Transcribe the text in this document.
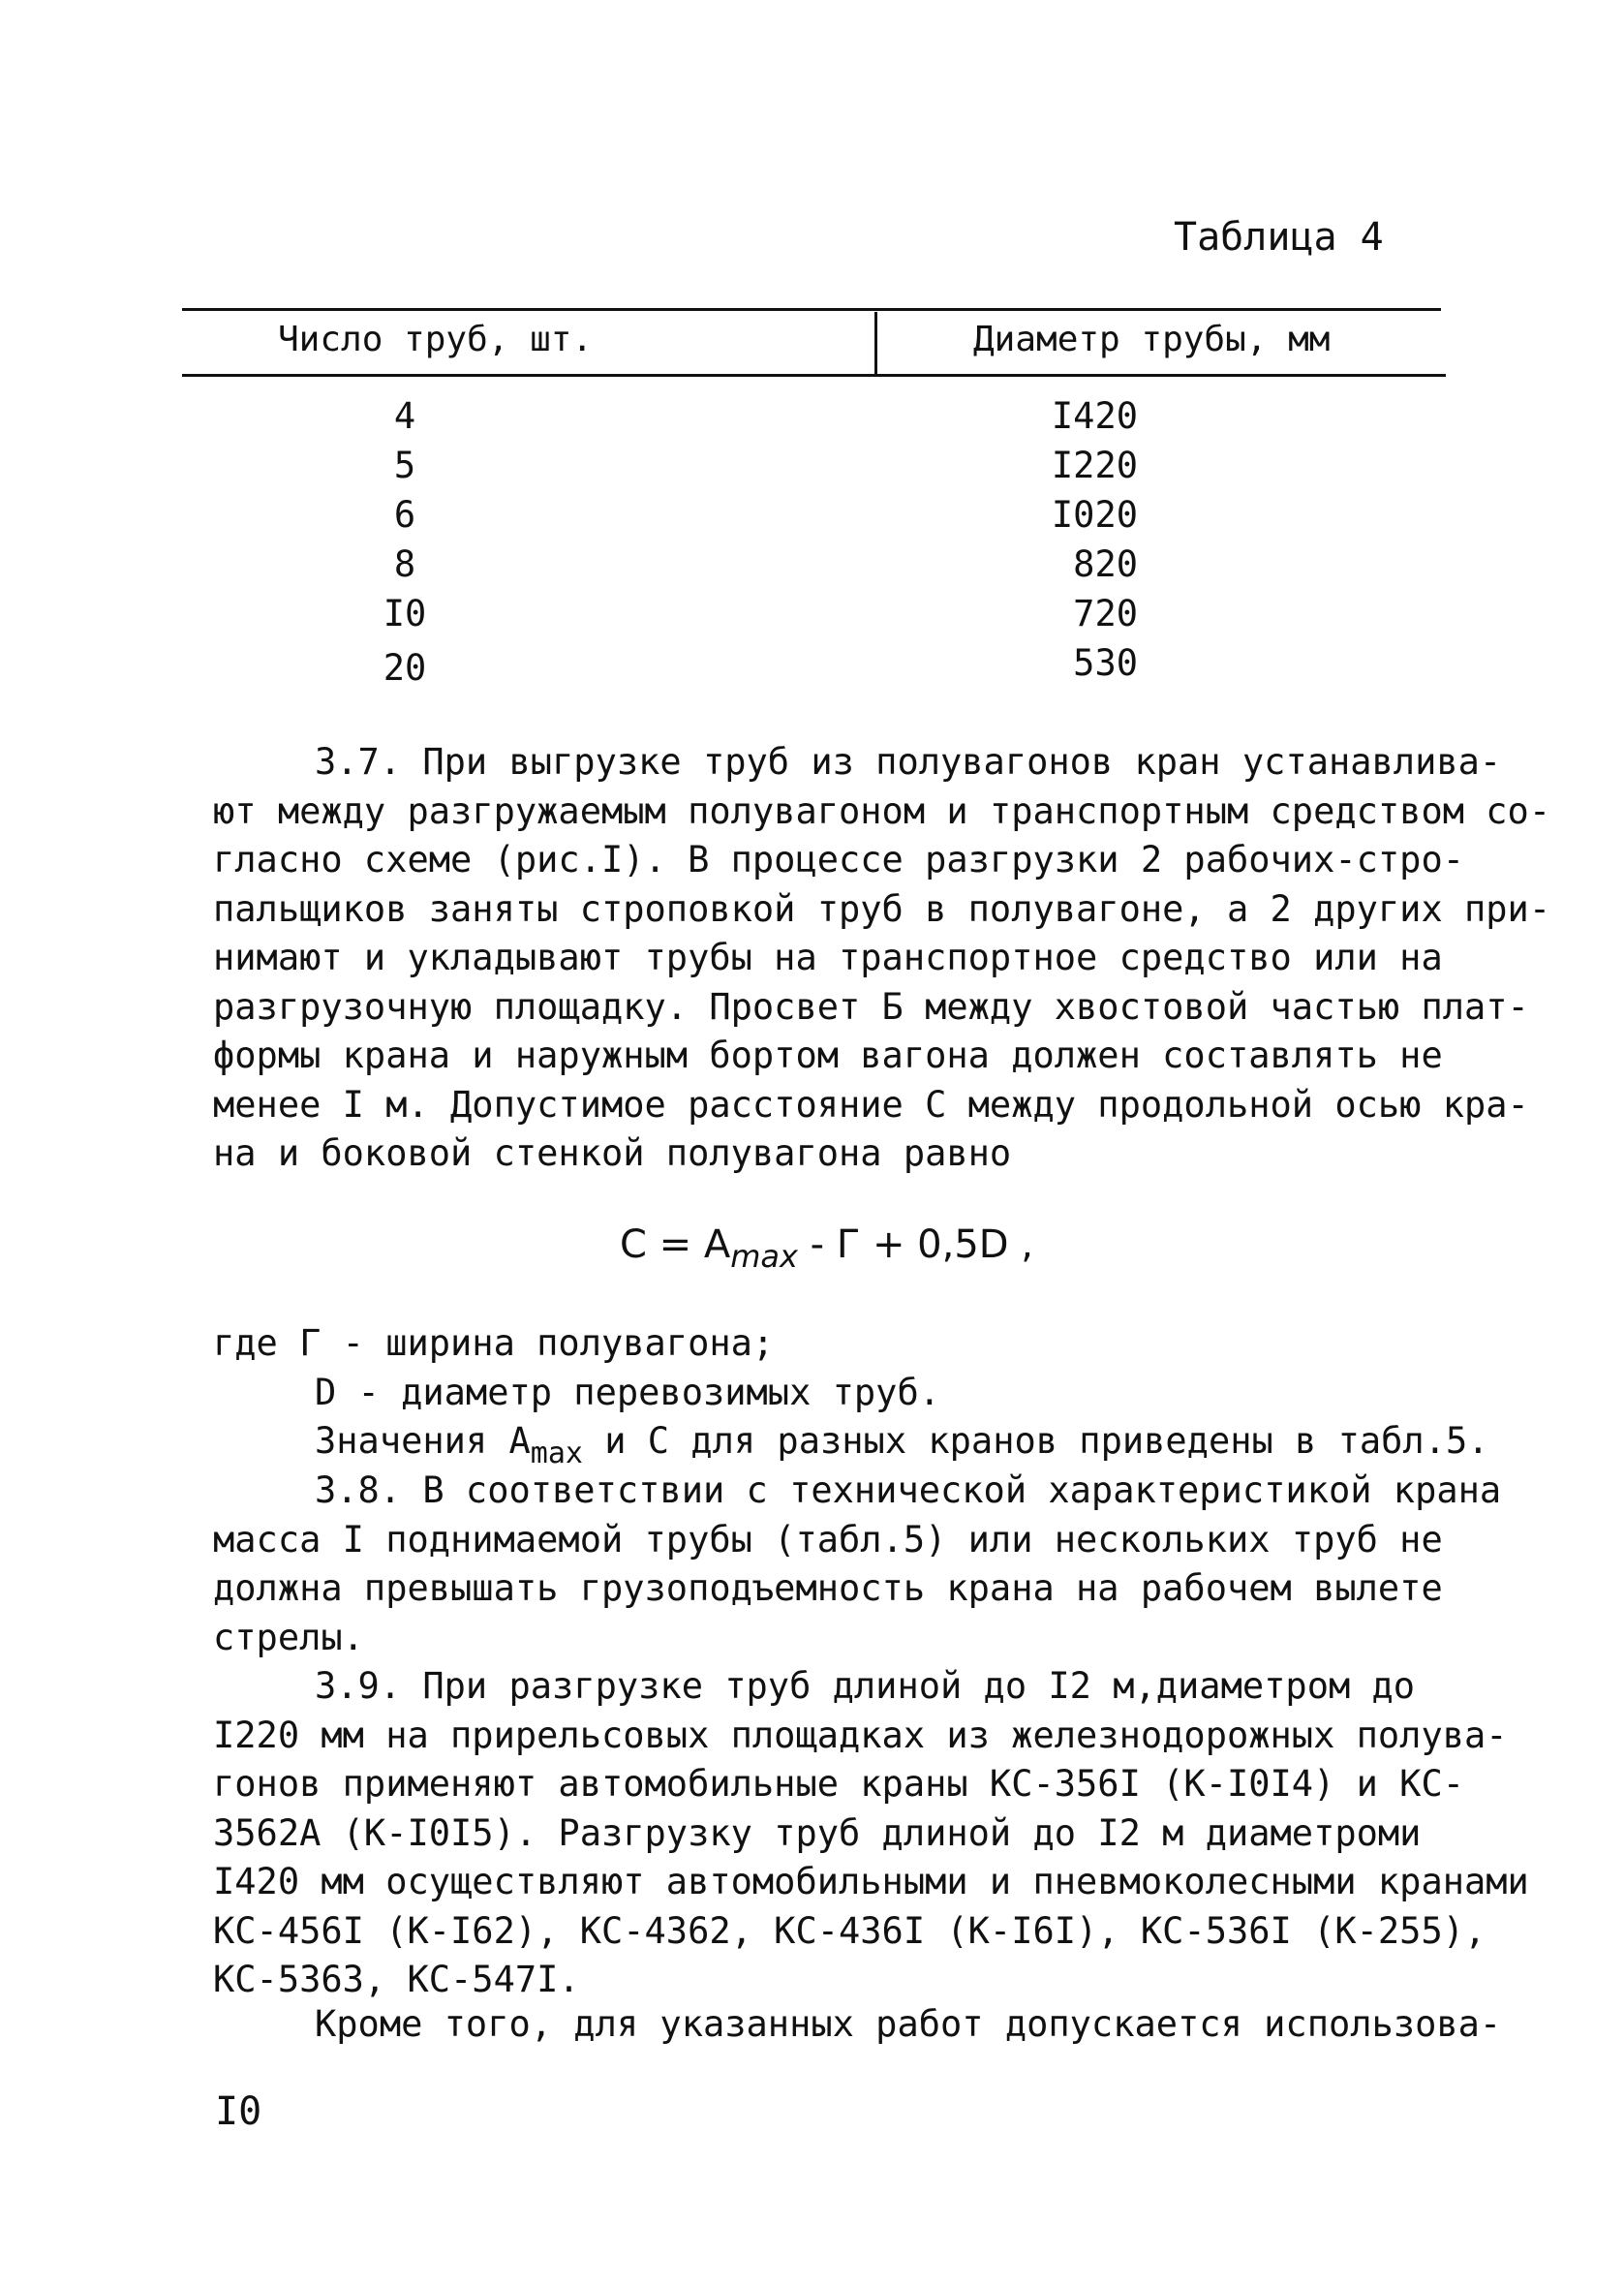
Таблица 4
Число труб, шт.	Диаметр трубы, мм
4	I420
5	I220
6	I020
8	820
I0	720
20	530

3.7. При выгрузке труб из полувагонов кран устанавлива-

ют между разгружаемым полувагоном и транспортным средством со-

гласно схеме (рис.I). В процессе разгрузки 2 рабочих-стро-

пальщиков заняты строповкой труб в полувагоне, а 2 других при-

нимают и укладывают трубы на транспортное средство или на

разгрузочную площадку. Просвет Б между хвостовой частью плат-

формы крана и наружным бортом вагона должен составлять не

менее I м. Допустимое расстояние С между продольной осью кра-

на и боковой стенкой полувагона равно

$C = A_{max} - Г + 0,5D$ ,

где Г - ширина полувагона;

D - диаметр перевозимых труб.

Значения $A_{max}$ и C для разных кранов приведены в табл.5.

3.8. В соответствии с технической характеристикой крана

масса I поднимаемой трубы (табл.5) или нескольких труб не

должна превышать грузоподъемность крана на рабочем вылете

стрелы.

3.9. При разгрузке труб длиной до I2 м,диаметром до

I220 мм на прирельсовых площадках из железнодорожных полува-

гонов применяют автомобильные краны КС-356I (К-I0I4) и КС-

3562А (К-I0I5). Разгрузку труб длиной до I2 м диаметроми

I420 мм осуществляют автомобильными и пневмоколесными кранами

КС-456I (К-I62), КС-4362, КС-436I (К-I6I), КС-536I (К-255),

КС-5363, КС-547I.

Кроме того, для указанных работ допускается использова-

I0
